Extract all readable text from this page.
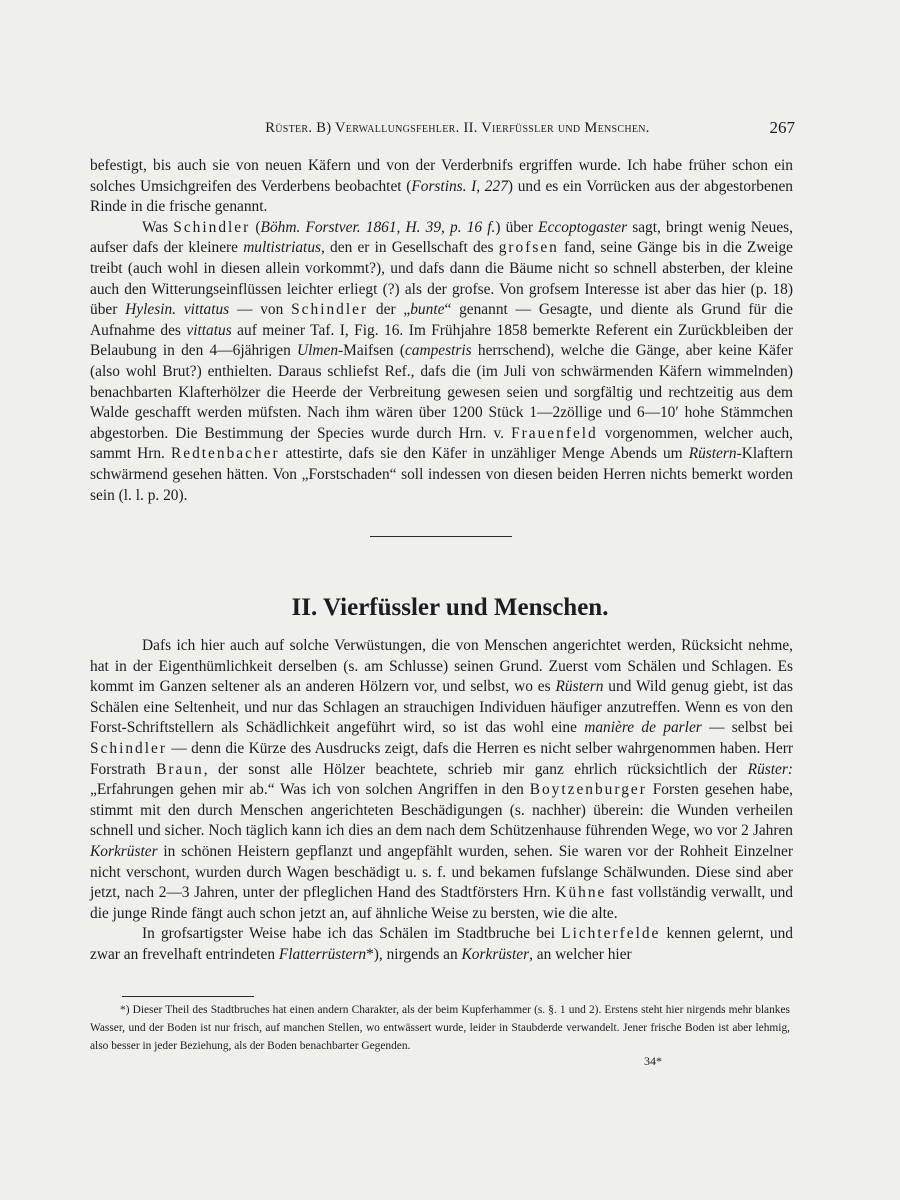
Rüster. B) Verwallungsfehler. II. Vierfüssler und Menschen.	267

befestigt, bis auch sie von neuen Käfern und von der Verderbnifs ergriffen wurde. Ich habe früher schon ein solches Umsichgreifen des Verderbens beobachtet (Forstins. I, 227) und es ein Vorrücken aus der abgestorbenen Rinde in die frische genannt.

Was Schindler (Böhm. Forstver. 1861, H. 39, p. 16 f.) über Eccoptogaster sagt, bringt wenig Neues, aufser dafs der kleinere multistriatus, den er in Gesellschaft des grofsen fand, seine Gänge bis in die Zweige treibt (auch wohl in diesen allein vorkommt?), und dafs dann die Bäume nicht so schnell absterben, der kleine auch den Witterungseinflüssen leichter erliegt (?) als der grofse. Von grofsem Interesse ist aber das hier (p. 18) über Hylesin. vittatus — von Schindler der „bunte“ genannt — Gesagte, und diente als Grund für die Aufnahme des vittatus auf meiner Taf. I, Fig. 16. Im Frühjahre 1858 bemerkte Referent ein Zurückbleiben der Belaubung in den 4—6jährigen Ulmen-Maifsen (campestris herrschend), welche die Gänge, aber keine Käfer (also wohl Brut?) enthielten. Daraus schliefst Ref., dafs die (im Juli von schwärmenden Käfern wimmelnden) benachbarten Klafterhölzer die Heerde der Verbreitung gewesen seien und sorgfältig und rechtzeitig aus dem Walde geschafft werden müfsten. Nach ihm wären über 1200 Stück 1—2zöllige und 6—10′ hohe Stämmchen abgestorben. Die Bestimmung der Species wurde durch Hrn. v. Frauenfeld vorgenommen, welcher auch, sammt Hrn. Redtenbacher attestirte, dafs sie den Käfer in unzähliger Menge Abends um Rüstern-Klaftern schwärmend gesehen hätten. Von „Forstschaden“ soll indessen von diesen beiden Herren nichts bemerkt worden sein (l. l. p. 20).

II. Vierfüssler und Menschen.

Dafs ich hier auch auf solche Verwüstungen, die von Menschen angerichtet werden, Rücksicht nehme, hat in der Eigenthümlichkeit derselben (s. am Schlusse) seinen Grund. Zuerst vom Schälen und Schlagen. Es kommt im Ganzen seltener als an anderen Hölzern vor, und selbst, wo es Rüstern und Wild genug giebt, ist das Schälen eine Seltenheit, und nur das Schlagen an strauchigen Individuen häufiger anzutreffen. Wenn es von den Forst-Schriftstellern als Schädlichkeit angeführt wird, so ist das wohl eine manière de parler — selbst bei Schindler — denn die Kürze des Ausdrucks zeigt, dafs die Herren es nicht selber wahrgenommen haben. Herr Forstrath Braun, der sonst alle Hölzer beachtete, schrieb mir ganz ehrlich rücksichtlich der Rüster: „Erfahrungen gehen mir ab.“ Was ich von solchen Angriffen in den Boytzenburger Forsten gesehen habe, stimmt mit den durch Menschen angerichteten Beschädigungen (s. nachher) überein: die Wunden verheilen schnell und sicher. Noch täglich kann ich dies an dem nach dem Schützenhause führenden Wege, wo vor 2 Jahren Korkrüster in schönen Heistern gepflanzt und angepfählt wurden, sehen. Sie waren vor der Rohheit Einzelner nicht verschont, wurden durch Wagen beschädigt u. s. f. und bekamen fufslange Schälwunden. Diese sind aber jetzt, nach 2—3 Jahren, unter der pfleglichen Hand des Stadtförsters Hrn. Kühne fast vollständig verwallt, und die junge Rinde fängt auch schon jetzt an, auf ähnliche Weise zu bersten, wie die alte.

In grofsartigster Weise habe ich das Schälen im Stadtbruche bei Lichterfelde kennen gelernt, und zwar an frevelhaft entrindeten Flatterrüstern*), nirgends an Korkrüster, an welcher hier

*) Dieser Theil des Stadtbruches hat einen andern Charakter, als der beim Kupferhammer (s. §. 1 und 2). Erstens steht hier nirgends mehr blankes Wasser, und der Boden ist nur frisch, auf manchen Stellen, wo entwässert wurde, leider in Staubderde verwandelt. Jener frische Boden ist aber lehmig, also besser in jeder Beziehung, als der Boden benachbarter Gegenden.

34*
